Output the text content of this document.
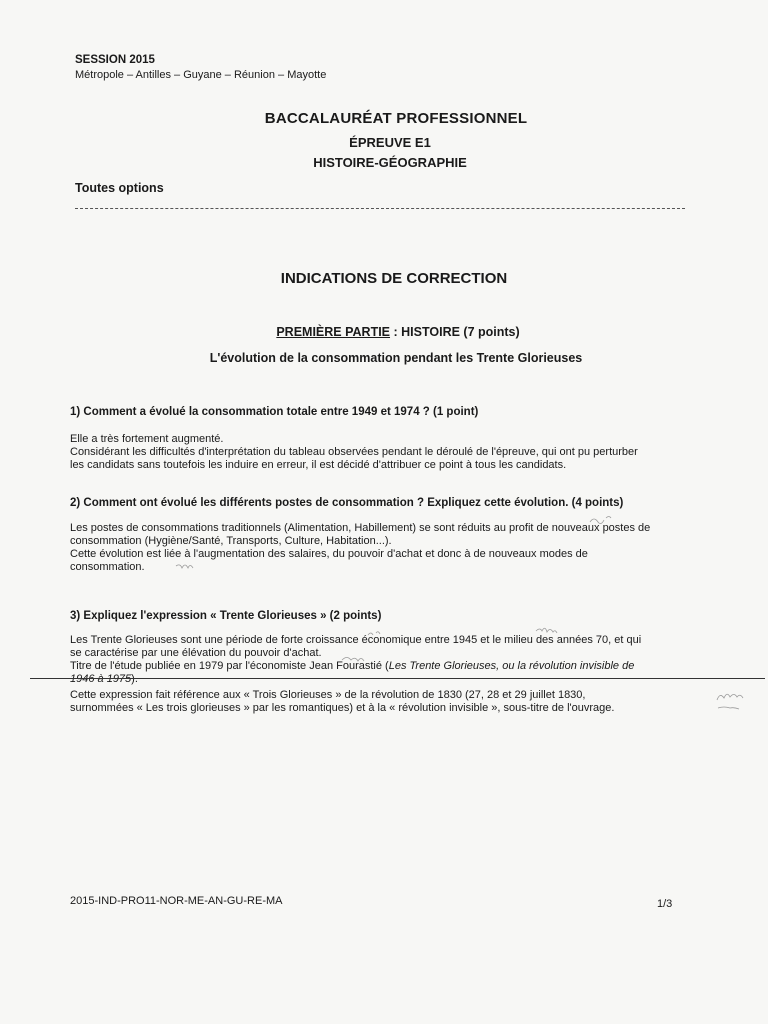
SESSION 2015
Métropole – Antilles – Guyane – Réunion – Mayotte
BACCALAURÉAT PROFESSIONNEL
ÉPREUVE E1
HISTOIRE-GÉOGRAPHIE
Toutes options
INDICATIONS DE CORRECTION
PREMIÈRE PARTIE : HISTOIRE (7 points)
L'évolution de la consommation pendant les Trente Glorieuses
1) Comment a évolué la consommation totale entre 1949 et 1974 ? (1 point)
Elle a très fortement augmenté.
Considérant les difficultés d'interprétation du tableau observées pendant le déroulé de l'épreuve, qui ont pu perturber
les candidats sans toutefois les induire en erreur, il est décidé d'attribuer ce point à tous les candidats.
2) Comment ont évolué les différents postes de consommation ? Expliquez cette évolution. (4 points)
Les postes de consommations traditionnels (Alimentation, Habillement) se sont réduits au profit de nouveaux postes de
consommation (Hygiène/Santé, Transports, Culture, Habitation...).
Cette évolution est liée à l'augmentation des salaires, du pouvoir d'achat et donc à de nouveaux modes de
consommation.
3) Expliquez l'expression « Trente Glorieuses » (2 points)
Les Trente Glorieuses sont une période de forte croissance économique entre 1945 et le milieu des années 70, et qui
se caractérise par une élévation du pouvoir d'achat.
Titre de l'étude publiée en 1979 par l'économiste Jean Fourastié (Les Trente Glorieuses, ou la révolution invisible de
1946 à 1975).
Cette expression fait référence aux « Trois Glorieuses » de la révolution de 1830 (27, 28 et 29 juillet 1830,
surnommées « Les trois glorieuses » par les romantiques) et à la « révolution invisible », sous-titre de l'ouvrage.
2015-IND-PRO11-NOR-ME-AN-GU-RE-MA	1/3
